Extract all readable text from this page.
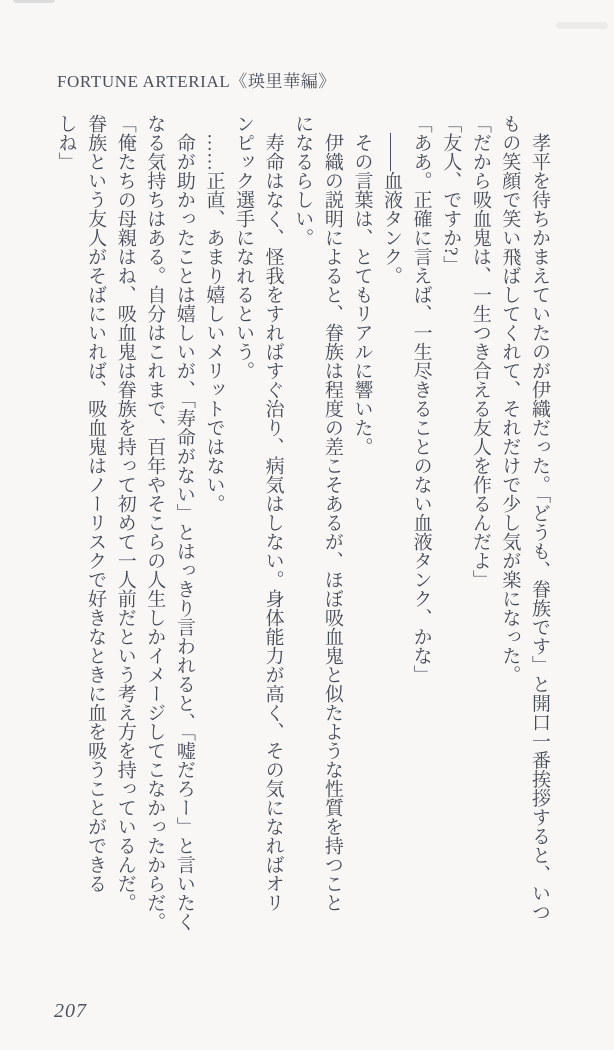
FORTUNE ARTERIAL《瑛里華編》
　孝平を待ちかまえていたのが伊織だった。「どうも、眷族です」と開口一番挨拶すると、いつ
もの笑顔で笑い飛ばしてくれて、それだけで少し気が楽になった。
「だから吸血鬼は、一生つき合える友人を作るんだよ」
「友人、ですか?」
「ああ。正確に言えば、一生尽きることのない血液タンク、かな」
　――血液タンク。
　その言葉は、とてもリアルに響いた。
　伊織の説明によると、眷族は程度の差こそあるが、ほぼ吸血鬼と似たような性質を持つこと
になるらしい。
　寿命はなく、怪我をすればすぐ治り、病気はしない。身体能力が高く、その気になればオリ
ンピック選手になれるという。
　……正直、あまり嬉しいメリットではない。
　命が助かったことは嬉しいが、「寿命がない」とはっきり言われると、「嘘だろー」と言いたく
なる気持ちはある。自分はこれまで、百年やそこらの人生しかイメージしてこなかったからだ。
「俺たちの母親はね、吸血鬼は眷族を持って初めて一人前だという考え方を持っているんだ。
眷族という友人がそばにいれば、吸血鬼はノーリスクで好きなときに血を吸うことができる
しね」
207
